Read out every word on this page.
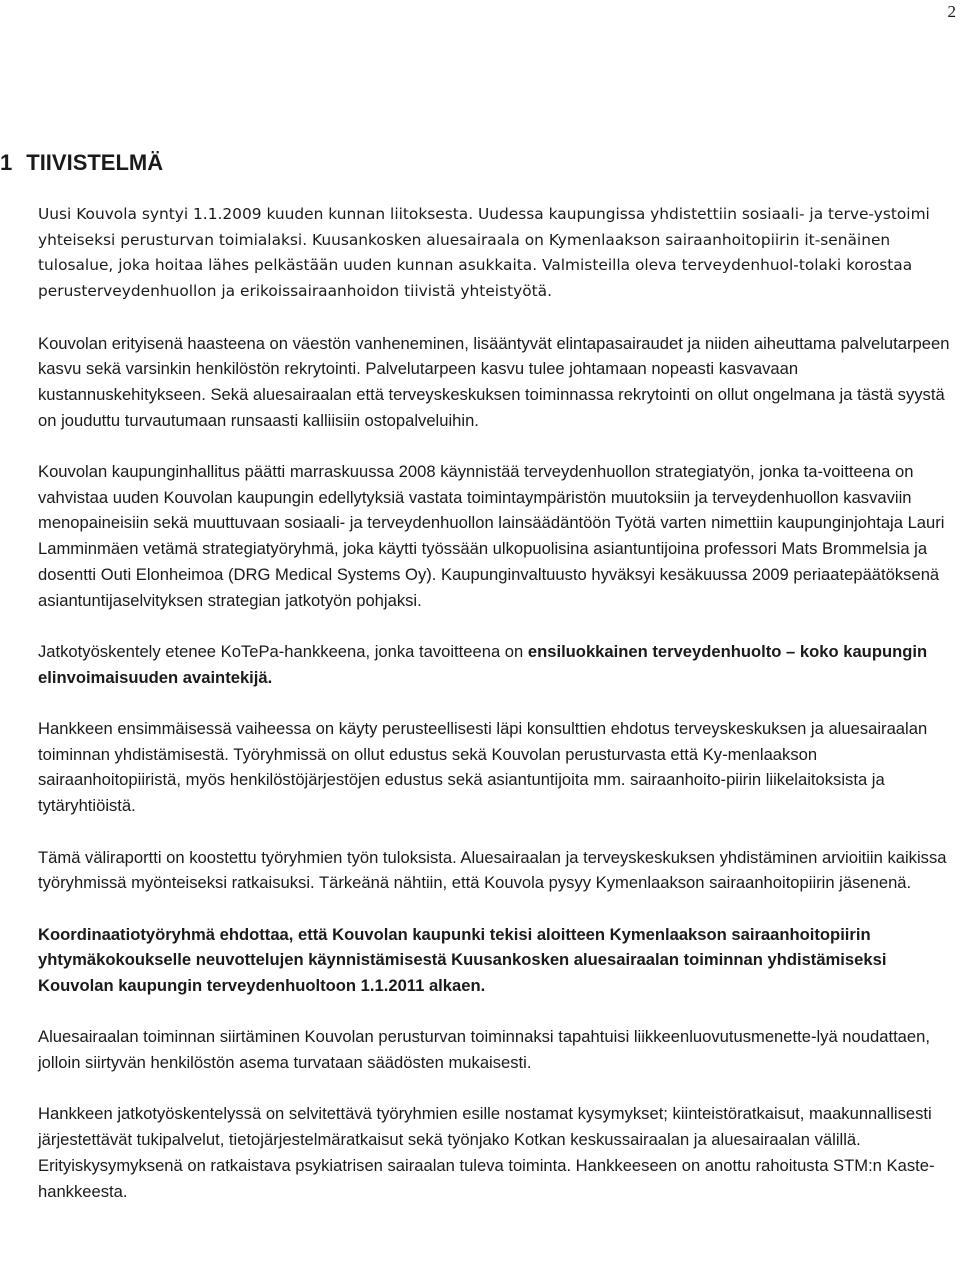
2
1 TIIVISTELMÄ

Uusi Kouvola syntyi 1.1.2009 kuuden kunnan liitoksesta. Uudessa kaupungissa yhdistettiin sosiaali- ja terve-ystoimi yhteiseksi perusturvan toimialaksi. Kuusankosken aluesairaala on Kymenlaakson sairaanhoitopiirin it-senäinen tulosalue, joka hoitaa lähes pelkästään uuden kunnan asukkaita. Valmisteilla oleva terveydenhuol-tolaki korostaa perusterveydenhuollon ja erikoissairaanhoidon tiivistä yhteistyötä.

Kouvolan erityisenä haasteena on väestön vanheneminen, lisääntyvät elintapasairaudet ja niiden aiheuttama palvelutarpeen kasvu sekä varsinkin henkilöstön rekrytointi. Palvelutarpeen kasvu tulee johtamaan nopeasti kasvavaan kustannuskehitykseen. Sekä aluesairaalan että terveyskeskuksen toiminnassa rekrytointi on ollut ongelmana ja tästä syystä on jouduttu turvautumaan runsaasti kalliisiin ostopalveluihin.

Kouvolan kaupunginhallitus päätti marraskuussa 2008 käynnistää terveydenhuollon strategiatyön, jonka ta-voitteena on vahvistaa uuden Kouvolan kaupungin edellytyksiä vastata toimintaympäristön muutoksiin ja terveydenhuollon kasvaviin menopaineisiin sekä muuttuvaan sosiaali- ja terveydenhuollon lainsäädäntöön Työtä varten nimettiin kaupunginjohtaja Lauri Lamminmäen vetämä strategiatyöryhmä, joka käytti työssään ulkopuolisina asiantuntijoina professori Mats Brommelsia ja dosentti Outi Elonheimoa (DRG Medical Systems Oy). Kaupunginvaltuusto hyväksyi kesäkuussa 2009 periaatepäätöksenä asiantuntijaselvityksen strategian jatkotyön pohjaksi.

Jatkotyöskentely etenee KoTePa-hankkeena, jonka tavoitteena on ensiluokkainen terveydenhuolto – koko kaupungin elinvoimaisuuden avaintekijä.

Hankkeen ensimmäisessä vaiheessa on käyty perusteellisesti läpi konsulttien ehdotus terveyskeskuksen ja aluesairaalan toiminnan yhdistämisestä. Työryhmissä on ollut edustus sekä Kouvolan perusturvasta että Ky-menlaakson sairaanhoitopiiristä, myös henkilöstöjärjestöjen edustus sekä asiantuntijoita mm. sairaanhoito-piirin liikelaitoksista ja tytäryhtiöistä.

Tämä väliraportti on koostettu työryhmien työn tuloksista. Aluesairaalan ja terveyskeskuksen yhdistäminen arvioitiin kaikissa työryhmissä myönteiseksi ratkaisuksi. Tärkeänä nähtiin, että Kouvola pysyy Kymenlaakson sairaanhoitopiirin jäsenenä.

Koordinaatiotyöryhmä ehdottaa, että Kouvolan kaupunki tekisi aloitteen Kymenlaakson sairaanhoitopiirin yhtymäkokoukselle neuvottelujen käynnistämisestä Kuusankosken aluesairaalan toiminnan yhdistämiseksi Kouvolan kaupungin terveydenhuoltoon 1.1.2011 alkaen.

Aluesairaalan toiminnan siirtäminen Kouvolan perusturvan toiminnaksi tapahtuisi liikkeenluovutusmenette-lyä noudattaen, jolloin siirtyvän henkilöstön asema turvataan säädösten mukaisesti.

Hankkeen jatkotyöskentelyssä on selvitettävä työryhmien esille nostamat kysymykset; kiinteistöratkaisut, maakunnallisesti järjestettävät tukipalvelut, tietojärjestelmäratkaisut sekä työnjako Kotkan keskussairaalan ja aluesairaalan välillä. Erityiskysymyksenä on ratkaistava psykiatrisen sairaalan tuleva toiminta. Hankkeeseen on anottu rahoitusta STM:n Kaste-hankkeesta.
